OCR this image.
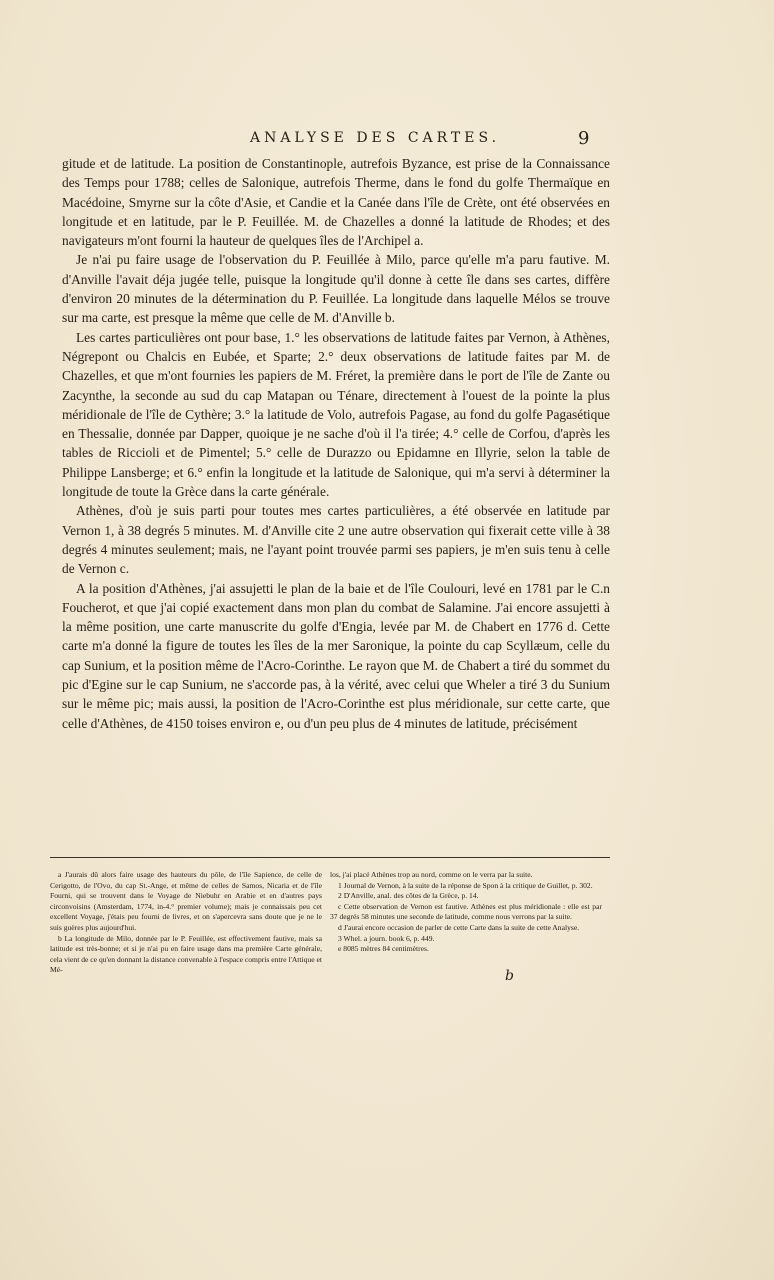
ANALYSE DES CARTES.	9

gitude et de latitude. La position de Constantinople, autrefois Byzance, est prise de la Connaissance des Temps pour 1788; celles de Salonique, autrefois Therme, dans le fond du golfe Thermaïque en Macédoine, Smyrne sur la côte d'Asie, et Candie et la Canée dans l'île de Crète, ont été observées en longitude et en latitude, par le P. Feuillée. M. de Chazelles a donné la latitude de Rhodes; et des navigateurs m'ont fourni la hauteur de quelques îles de l'Archipel a.

Je n'ai pu faire usage de l'observation du P. Feuillée à Milo, parce qu'elle m'a paru fautive. M. d'Anville l'avait déja jugée telle, puisque la longitude qu'il donne à cette île dans ses cartes, diffère d'environ 20 minutes de la détermination du P. Feuillée. La longitude dans laquelle Mélos se trouve sur ma carte, est presque la même que celle de M. d'Anville b.

Les cartes particulières ont pour base, 1.° les observations de latitude faites par Vernon, à Athènes, Négrepont ou Chalcis en Eubée, et Sparte; 2.° deux observations de latitude faites par M. de Chazelles, et que m'ont fournies les papiers de M. Fréret, la première dans le port de l'île de Zante ou Zacynthe, la seconde au sud du cap Matapan ou Ténare, directement à l'ouest de la pointe la plus méridionale de l'île de Cythère; 3.° la latitude de Volo, autrefois Pagase, au fond du golfe Pagasétique en Thessalie, donnée par Dapper, quoique je ne sache d'où il l'a tirée; 4.° celle de Corfou, d'après les tables de Riccioli et de Pimentel; 5.° celle de Durazzo ou Epidamne en Illyrie, selon la table de Philippe Lansberge; et 6.° enfin la longitude et la latitude de Salonique, qui m'a servi à déterminer la longitude de toute la Grèce dans la carte générale.

Athènes, d'où je suis parti pour toutes mes cartes particulières, a été observée en latitude par Vernon 1, à 38 degrés 5 minutes. M. d'Anville cite 2 une autre observation qui fixerait cette ville à 38 degrés 4 minutes seulement; mais, ne l'ayant point trouvée parmi ses papiers, je m'en suis tenu à celle de Vernon c.

A la position d'Athènes, j'ai assujetti le plan de la baie et de l'île Coulouri, levé en 1781 par le C.n Foucherot, et que j'ai copié exactement dans mon plan du combat de Salamine. J'ai encore assujetti à la même position, une carte manuscrite du golfe d'Engia, levée par M. de Chabert en 1776 d. Cette carte m'a donné la figure de toutes les îles de la mer Saronique, la pointe du cap Scyllæum, celle du cap Sunium, et la position même de l'Acro-Corinthe. Le rayon que M. de Chabert a tiré du sommet du pic d'Egine sur le cap Sunium, ne s'accorde pas, à la vérité, avec celui que Wheler a tiré 3 du Sunium sur le même pic; mais aussi, la position de l'Acro-Corinthe est plus méridionale, sur cette carte, que celle d'Athènes, de 4150 toises environ e, ou d'un peu plus de 4 minutes de latitude, précisément

a J'aurais dû alors faire usage des hauteurs du pôle, de l'île Sapience, de celle de Cerigotto, de l'Ovo, du cap St.-Ange, et même de celles de Samos, Nicaria et de l'île Fourni, qui se trouvent dans le Voyage de Niebuhr en Arabie et en d'autres pays circonvoisins (Amsterdam, 1774, in-4.° premier volume); mais je connaissais peu cet excellent Voyage, j'étais peu fourni de livres, et on s'apercevra sans doute que je ne le suis guères plus aujourd'hui.

b La longitude de Milo, donnée par le P. Feuillée, est effectivement fautive, mais sa latitude est très-bonne; et si je n'ai pu en faire usage dans ma première Carte générale, cela vient de ce qu'en donnant la distance convenable à l'espace compris entre l'Attique et Mé-

los, j'ai placé Athènes trop au nord, comme on le verra par la suite.

1 Journal de Vernon, à la suite de la réponse de Spon à la critique de Guillet, p. 302.

2 D'Anville, anal. des côtes de la Grèce, p. 14.

c Cette observation de Vernon est fautive. Athènes est plus méridionale : elle est par 37 degrés 58 minutes une seconde de latitude, comme nous verrons par la suite.

d J'aurai encore occasion de parler de cette Carte dans la suite de cette Analyse.

3 Whel. a journ. book 6, p. 449.

e 8085 mètres 84 centimètres.

b
